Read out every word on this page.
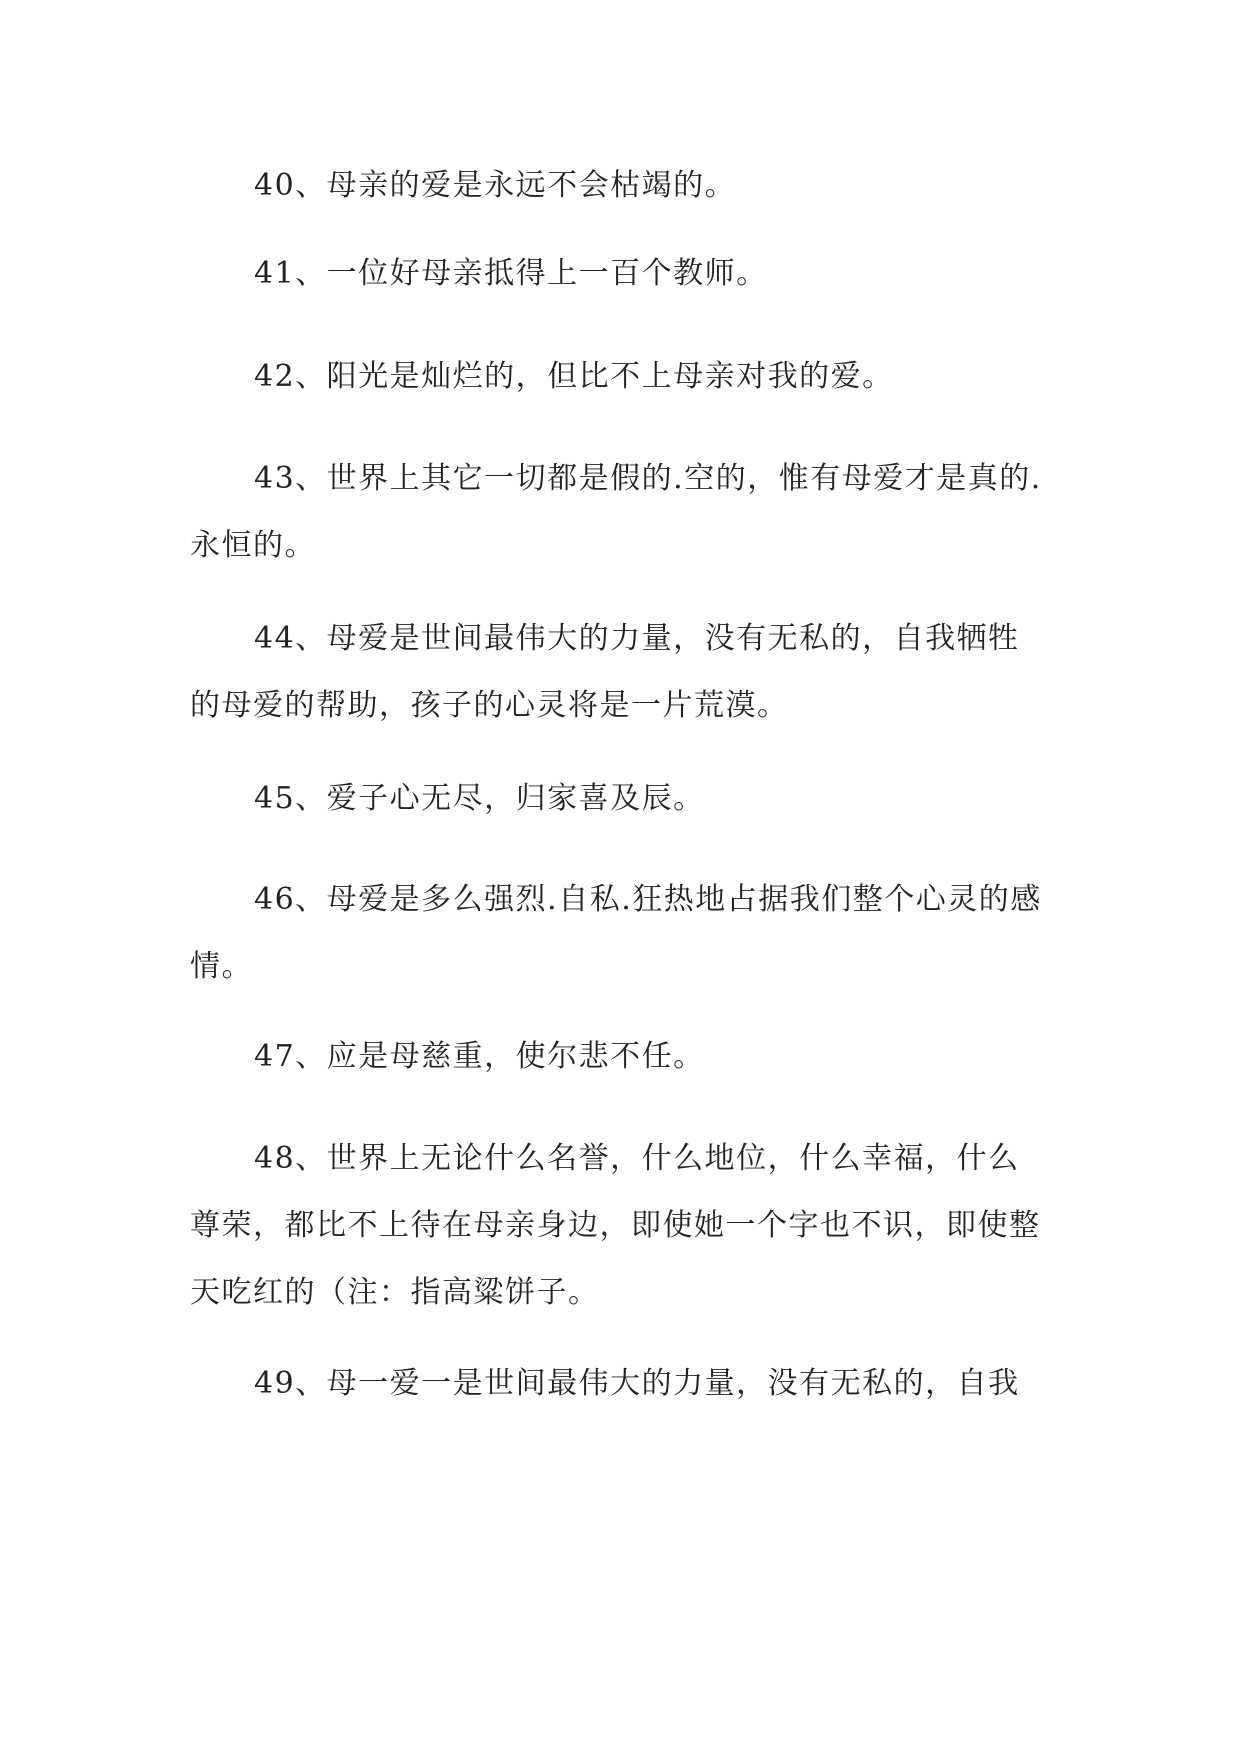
40、母亲的爱是永远不会枯竭的。

41、一位好母亲抵得上一百个教师。

42、阳光是灿烂的，但比不上母亲对我的爱。

43、世界上其它一切都是假的.空的，惟有母爱才是真的.永恒的。

44、母爱是世间最伟大的力量，没有无私的，自我牺牲的母爱的帮助，孩子的心灵将是一片荒漠。

45、爱子心无尽，归家喜及辰。

46、母爱是多么强烈.自私.狂热地占据我们整个心灵的感情。

47、应是母慈重，使尔悲不任。

48、世界上无论什么名誉，什么地位，什么幸福，什么尊荣，都比不上待在母亲身边，即使她一个字也不识，即使整天吃红的（注：指高粱饼子。

49、母一爱一是世间最伟大的力量，没有无私的，自我
